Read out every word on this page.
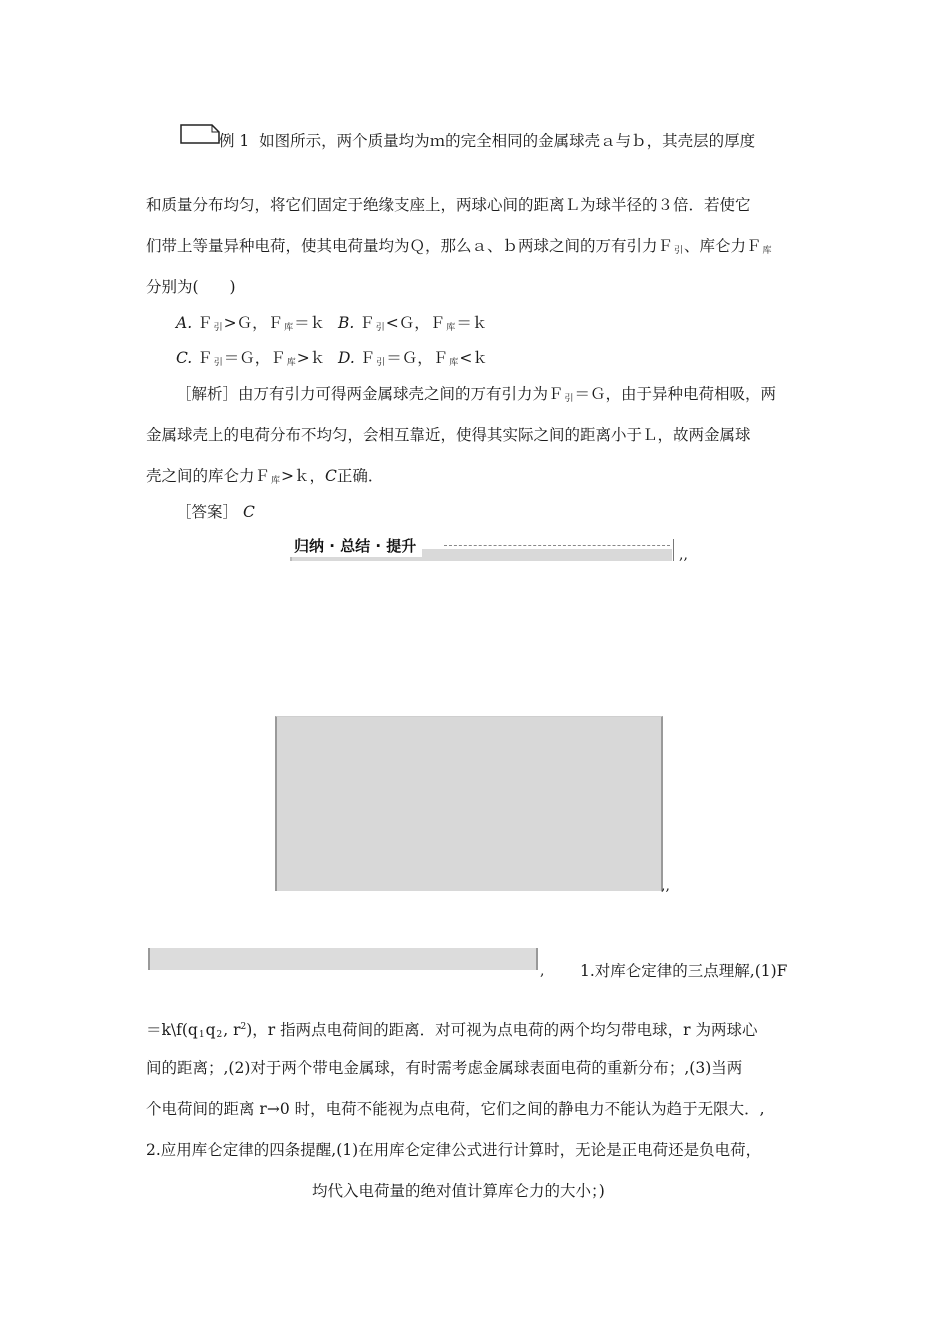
例 1 如图所示，两个质量均为ｍ的完全相同的金属球壳ａ与ｂ，其壳层的厚度
和质量分布均匀，将它们固定于绝缘支座上，两球心间的距离Ｌ为球半径的３倍．若使它
们带上等量异种电荷，使其电荷量均为Ｑ，那么ａ、ｂ两球之间的万有引力Ｆ$_引$、库仑力Ｆ$_库$
分别为(　　)
A. Ｆ$_引$>Ｇ，Ｆ$_库$＝ｋ B. Ｆ$_引$<Ｇ，Ｆ$_库$＝ｋ
C. Ｆ$_引$＝Ｇ，Ｆ$_库$>ｋ D. Ｆ$_引$＝Ｇ，Ｆ$_库$<ｋ
［解析］由万有引力可得两金属球壳之间的万有引力为Ｆ$_引$＝Ｇ，由于异种电荷相吸，两
金属球壳上的电荷分布不均匀，会相互靠近，使得其实际之间的距离小于Ｌ，故两金属球
壳之间的库仑力Ｆ$_库$>ｋ，C正确．
［答案］ C
归纳 · 总结 · 提升	,,
,,
, 1.对库仑定律的三点理解,(1)F
$=k\backslash f(q_1q_2$, $r^2$)，r 指两点电荷间的距离．对可视为点电荷的两个均匀带电球，r 为两球心
间的距离；,(2)对于两个带电金属球，有时需考虑金属球表面电荷的重新分布；,(3)当两
个电荷间的距离 r→0 时，电荷不能视为点电荷，它们之间的静电力不能认为趋于无限大．,
2.应用库仑定律的四条提醒,(1)在用库仑定律公式进行计算时，无论是正电荷还是负电荷，
均代入电荷量的绝对值计算库仑力的大小；)
